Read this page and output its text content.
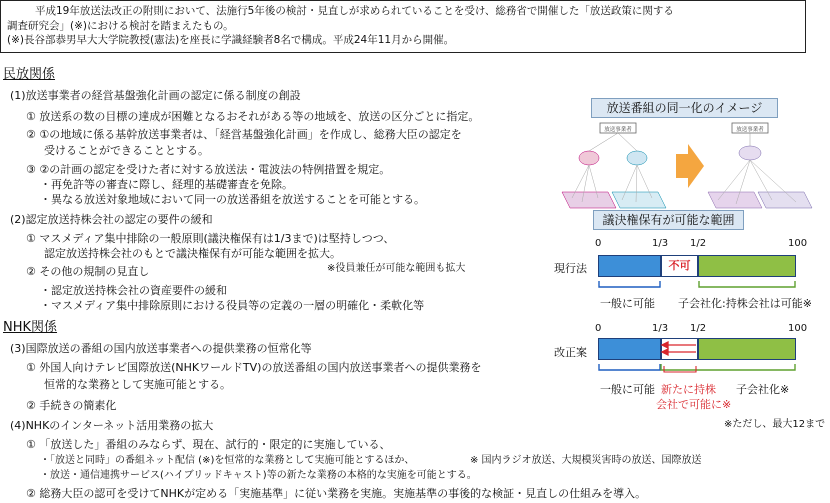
平成19年放送法改正の附則において、法施行5年後の検討・見直しが求められていることを受け、総務省で開催した「放送政策に関する
調査研究会」(※)における検討を踏まえたもの。
(※)長谷部恭男早大大学院教授(憲法)を座長に学識経験者8名で構成。平成24年11月から開催。
民放関係
(1)放送事業者の経営基盤強化計画の認定に係る制度の創設
① 放送系の数の目標の達成が困難となるおそれがある等の地域を、放送の区分ごとに指定。
② ①の地域に係る基幹放送事業者は、「経営基盤強化計画」を作成し、総務大臣の認定を
受けることができることとする。
③ ②の計画の認定を受けた者に対する放送法・電波法の特例措置を規定。
・再免許等の審査に際し、経理的基礎審査を免除。
・異なる放送対象地域において同一の放送番組を放送することを可能とする。
(2)認定放送持株会社の認定の要件の緩和
① マスメディア集中排除の一般原則(議決権保有は1/3まで)は堅持しつつ、
認定放送持株会社のもとで議決権保有が可能な範囲を拡大。
※役員兼任が可能な範囲も拡大
② その他の規制の見直し
・認定放送持株会社の資産要件の緩和
・マスメディア集中排除原則における役員等の定義の一層の明確化・柔軟化等
NHK関係
(3)国際放送の番組の国内放送事業者への提供業務の恒常化等
① 外国人向けテレビ国際放送(NHKワールドTV)の放送番組の国内放送事業者への提供業務を
恒常的な業務として実施可能とする。
② 手続きの簡素化
(4)NHKのインターネット活用業務の拡大
① 「放送した」番組のみならず、現在、試行的・限定的に実施している、
・「放送と同時」の番組ネット配信 (※)を恒常的な業務として実施可能とするほか、	※ 国内ラジオ放送、大規模災害時の放送、国際放送
・放送・通信連携サービス(ハイブリッドキャスト)等の新たな業務の本格的な実施を可能とする。
② 総務大臣の認可を受けてNHKが定める「実施基準」に従い業務を実施。実施基準の事後的な検証・見直しの仕組みを導入。
放送番組の同一化のイメージ
放送事業者	放送事業者
議決権保有が可能な範囲
0	1/3 1/2	100
現行法	不可
一般に可能 子会社化:持株会社は可能※
0	1/3 1/2	100
改正案
一般に可能 新たに持株
会社で可能に※
子会社化※
※ただし、最大12まで
